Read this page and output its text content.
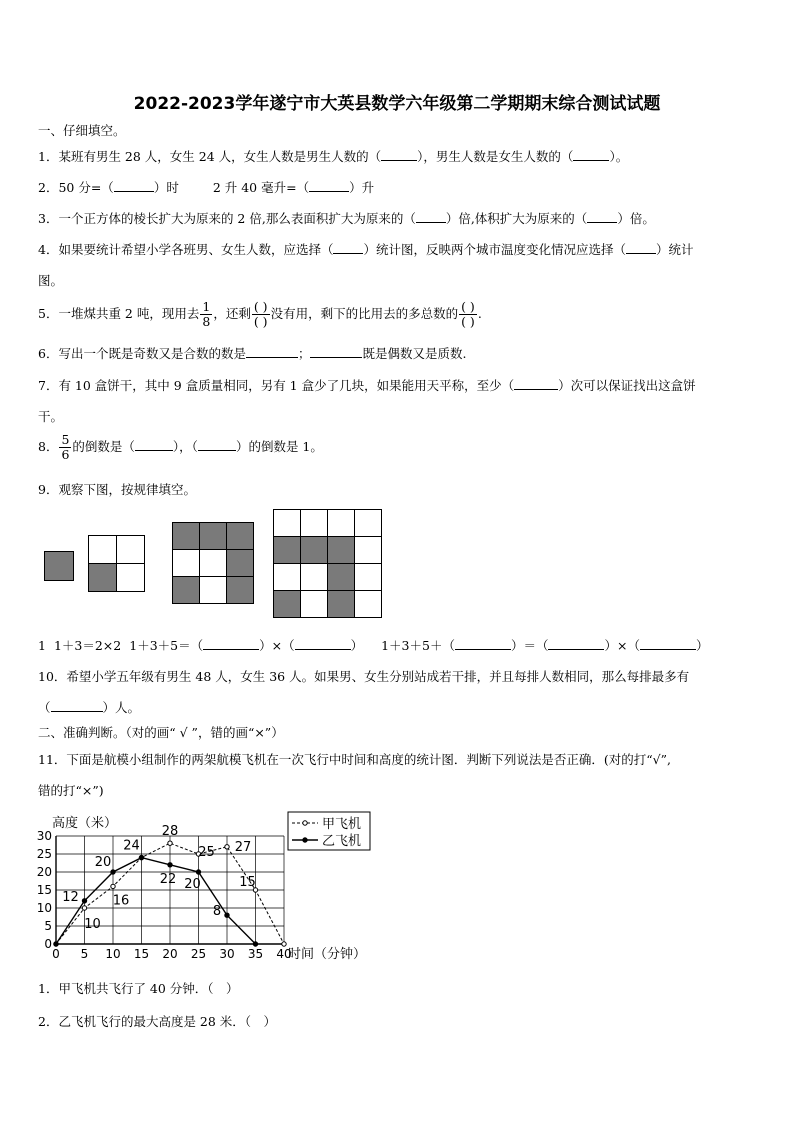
2022-2023学年遂宁市大英县数学六年级第二学期期末综合测试试题
一、仔细填空。
1．某班有男生 28 人，女生 24 人，女生人数是男生人数的（	），男生人数是女生人数的（	）。
2．50 分=（	）时	2 升 40 毫升=（	）升
3．一个正方体的棱长扩大为原来的 2 倍,那么表面积扩大为原来的（ ）倍,体积扩大为原来的（ ）倍。
4．如果要统计希望小学各班男、女生人数，应选择（ ）统计图，反映两个城市温度变化情况应选择（ ）统计
图。
5．一堆煤共重 2 吨，现用去 $\frac{1}{8}$ ，还剩 $\frac{( )}{( )}$ 没有用，剩下的比用去的多总数的 $\frac{( )}{( )}$ .
6．写出一个既是奇数又是合数的数是	；	既是偶数又是质数.
7．有 10 盒饼干，其中 9 盒质量相同，另有 1 盒少了几块，如果能用天平称，至少（	）次可以保证找出这盒饼
干。
8． $\frac{5}{6}$ 的倒数是（	），（	）的倒数是 1。
9．观察下图，按规律填空。

1 1＋3＝2×2 1＋3＋5＝（	）×（	） 1＋3＋5＋（	）＝（	）×（	）
10．希望小学五年级有男生 48 人，女生 36 人。如果男、女生分别站成若干排，并且每排人数相同，那么每排最多有
（	）人。
二、准确判断。（对的画“ √ ”，错的画“×”）
11．下面是航模小组制作的两架航模飞机在一次飞行中时间和高度的统计图．判断下列说法是否正确．(对的打“√”,
错的打“×”)
0 5 10 15 20 25 30 35 40
0
5
10
15
20
25
30
10
16
28
25 27
15
12
20
24
22 20
8
甲飞机
乙飞机
高度（米）
时间（分钟）
1．甲飞机共飞行了 40 分钟．（　）
2．乙飞机飞行的最大高度是 28 米．（　）
